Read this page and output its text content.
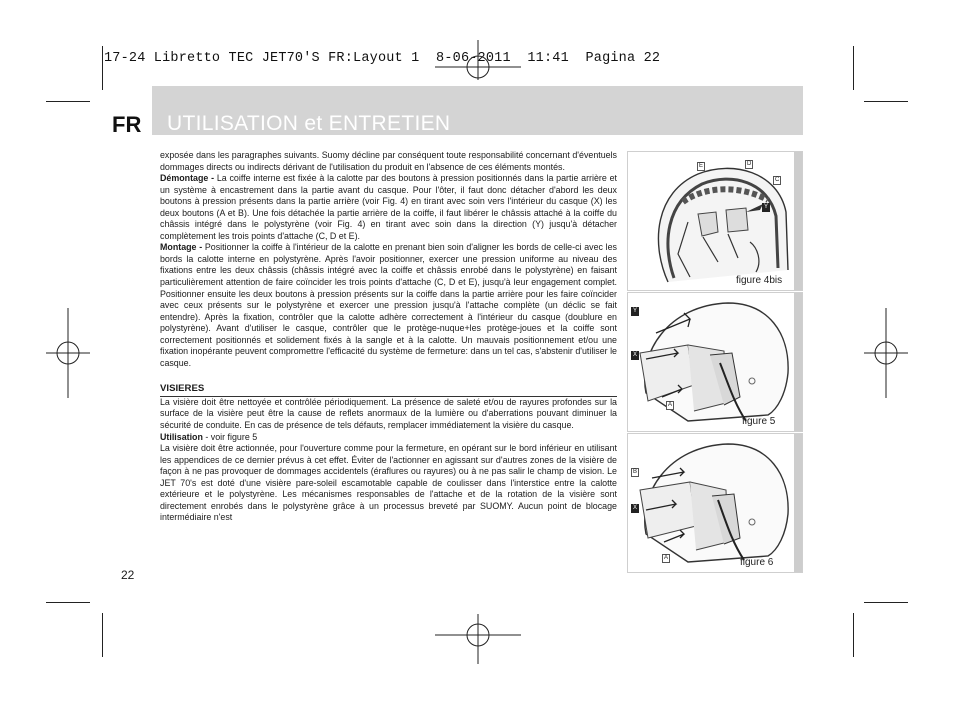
17-24 Libretto TEC JET70'S FR:Layout 1  8-06-2011  11:41  Pagina 22
FR UTILISATION et ENTRETIEN

exposée dans les paragraphes suivants. Suomy décline par conséquent toute responsabilité concernant d'éventuels dommages directs ou indirects dérivant de l'utilisation du produit en l'absence de ces éléments montés.

Démontage - La coiffe interne est fixée à la calotte par des boutons à pression positionnés dans la partie arrière et un système à encastrement dans la partie avant du casque. Pour l'ôter, il faut donc détacher d'abord les deux boutons à pression présents dans la partie arrière (voir Fig. 4) en tirant avec soin vers l'intérieur du casque (X) les deux boutons (A et B). Une fois détachée la partie arrière de la coiffe, il faut libérer le châssis attaché à la coiffe du châssis intégré dans le polystyrène (voir Fig. 4) en tirant avec soin dans la direction (Y) jusqu'à détacher complètement les trois points d'attache (C, D et E).

Montage - Positionner la coiffe à l'intérieur de la calotte en prenant bien soin d'aligner les bords de celle-ci avec les bords la calotte interne en polystyrène. Après l'avoir positionner, exercer une pression uniforme au niveau des fixations entre les deux châssis (châssis intégré avec la coiffe et châssis enrobé dans le polystyrène) en faisant particulièrement attention de faire coïncider les trois points d'attache (C, D et E), jusqu'à leur engagement complet. Positionner ensuite les deux boutons à pression présents sur la coiffe dans la partie arrière pour les faire coïncider avec ceux présents sur le polystyrène et exercer une pression jusqu'à l'attache complète (un déclic se fait entendre). Après la fixation, contrôler que la calotte adhère correctement à l'intérieur du casque (doublure en polystyrène). Avant d'utiliser le casque, contrôler que le protège-nuque+les protège-joues et la coiffe sont correctement positionnés et solidement fixés à la sangle et à la calotte. Un mauvais positionnement et/ou une fixation inopérante peuvent compromettre l'efficacité du système de fermeture: dans un tel cas, s'abstenir d'utiliser le casque.

VISIERES

La visière doit être nettoyée et contrôlée périodiquement. La présence de saleté et/ou de rayures profondes sur la surface de la visière peut être la cause de reflets anormaux de la lumière ou d'aberrations pouvant diminuer la sécurité de conduite. En cas de présence de tels défauts, remplacer immédiatement la visière du casque.

Utilisation - voir figure 5

La visière doit être actionnée, pour l'ouverture comme pour la fermeture, en opérant sur le bord inférieur en utilisant les appendices de ce dernier prévus à cet effet. Éviter de l'actionner en agissant sur d'autres zones de la visière de façon à ne pas provoquer de dommages accidentels (éraflures ou rayures) ou à ne pas salir le champ de vision. Le JET 70's est doté d'une visière pare-soleil escamotable capable de coulisser dans l'interstice entre la calotte extérieure et le polystyrène. Les mécanismes responsables de l'attache et de la rotation de la visière sont directement enrobés dans le polystyrène grâce à un processus breveté par SUOMY. Aucun point de blocage intermédiaire n'est

22
E	D
C
Y
figure 4bis
Y
X
A
figure 5
B
X
A	figure 6
